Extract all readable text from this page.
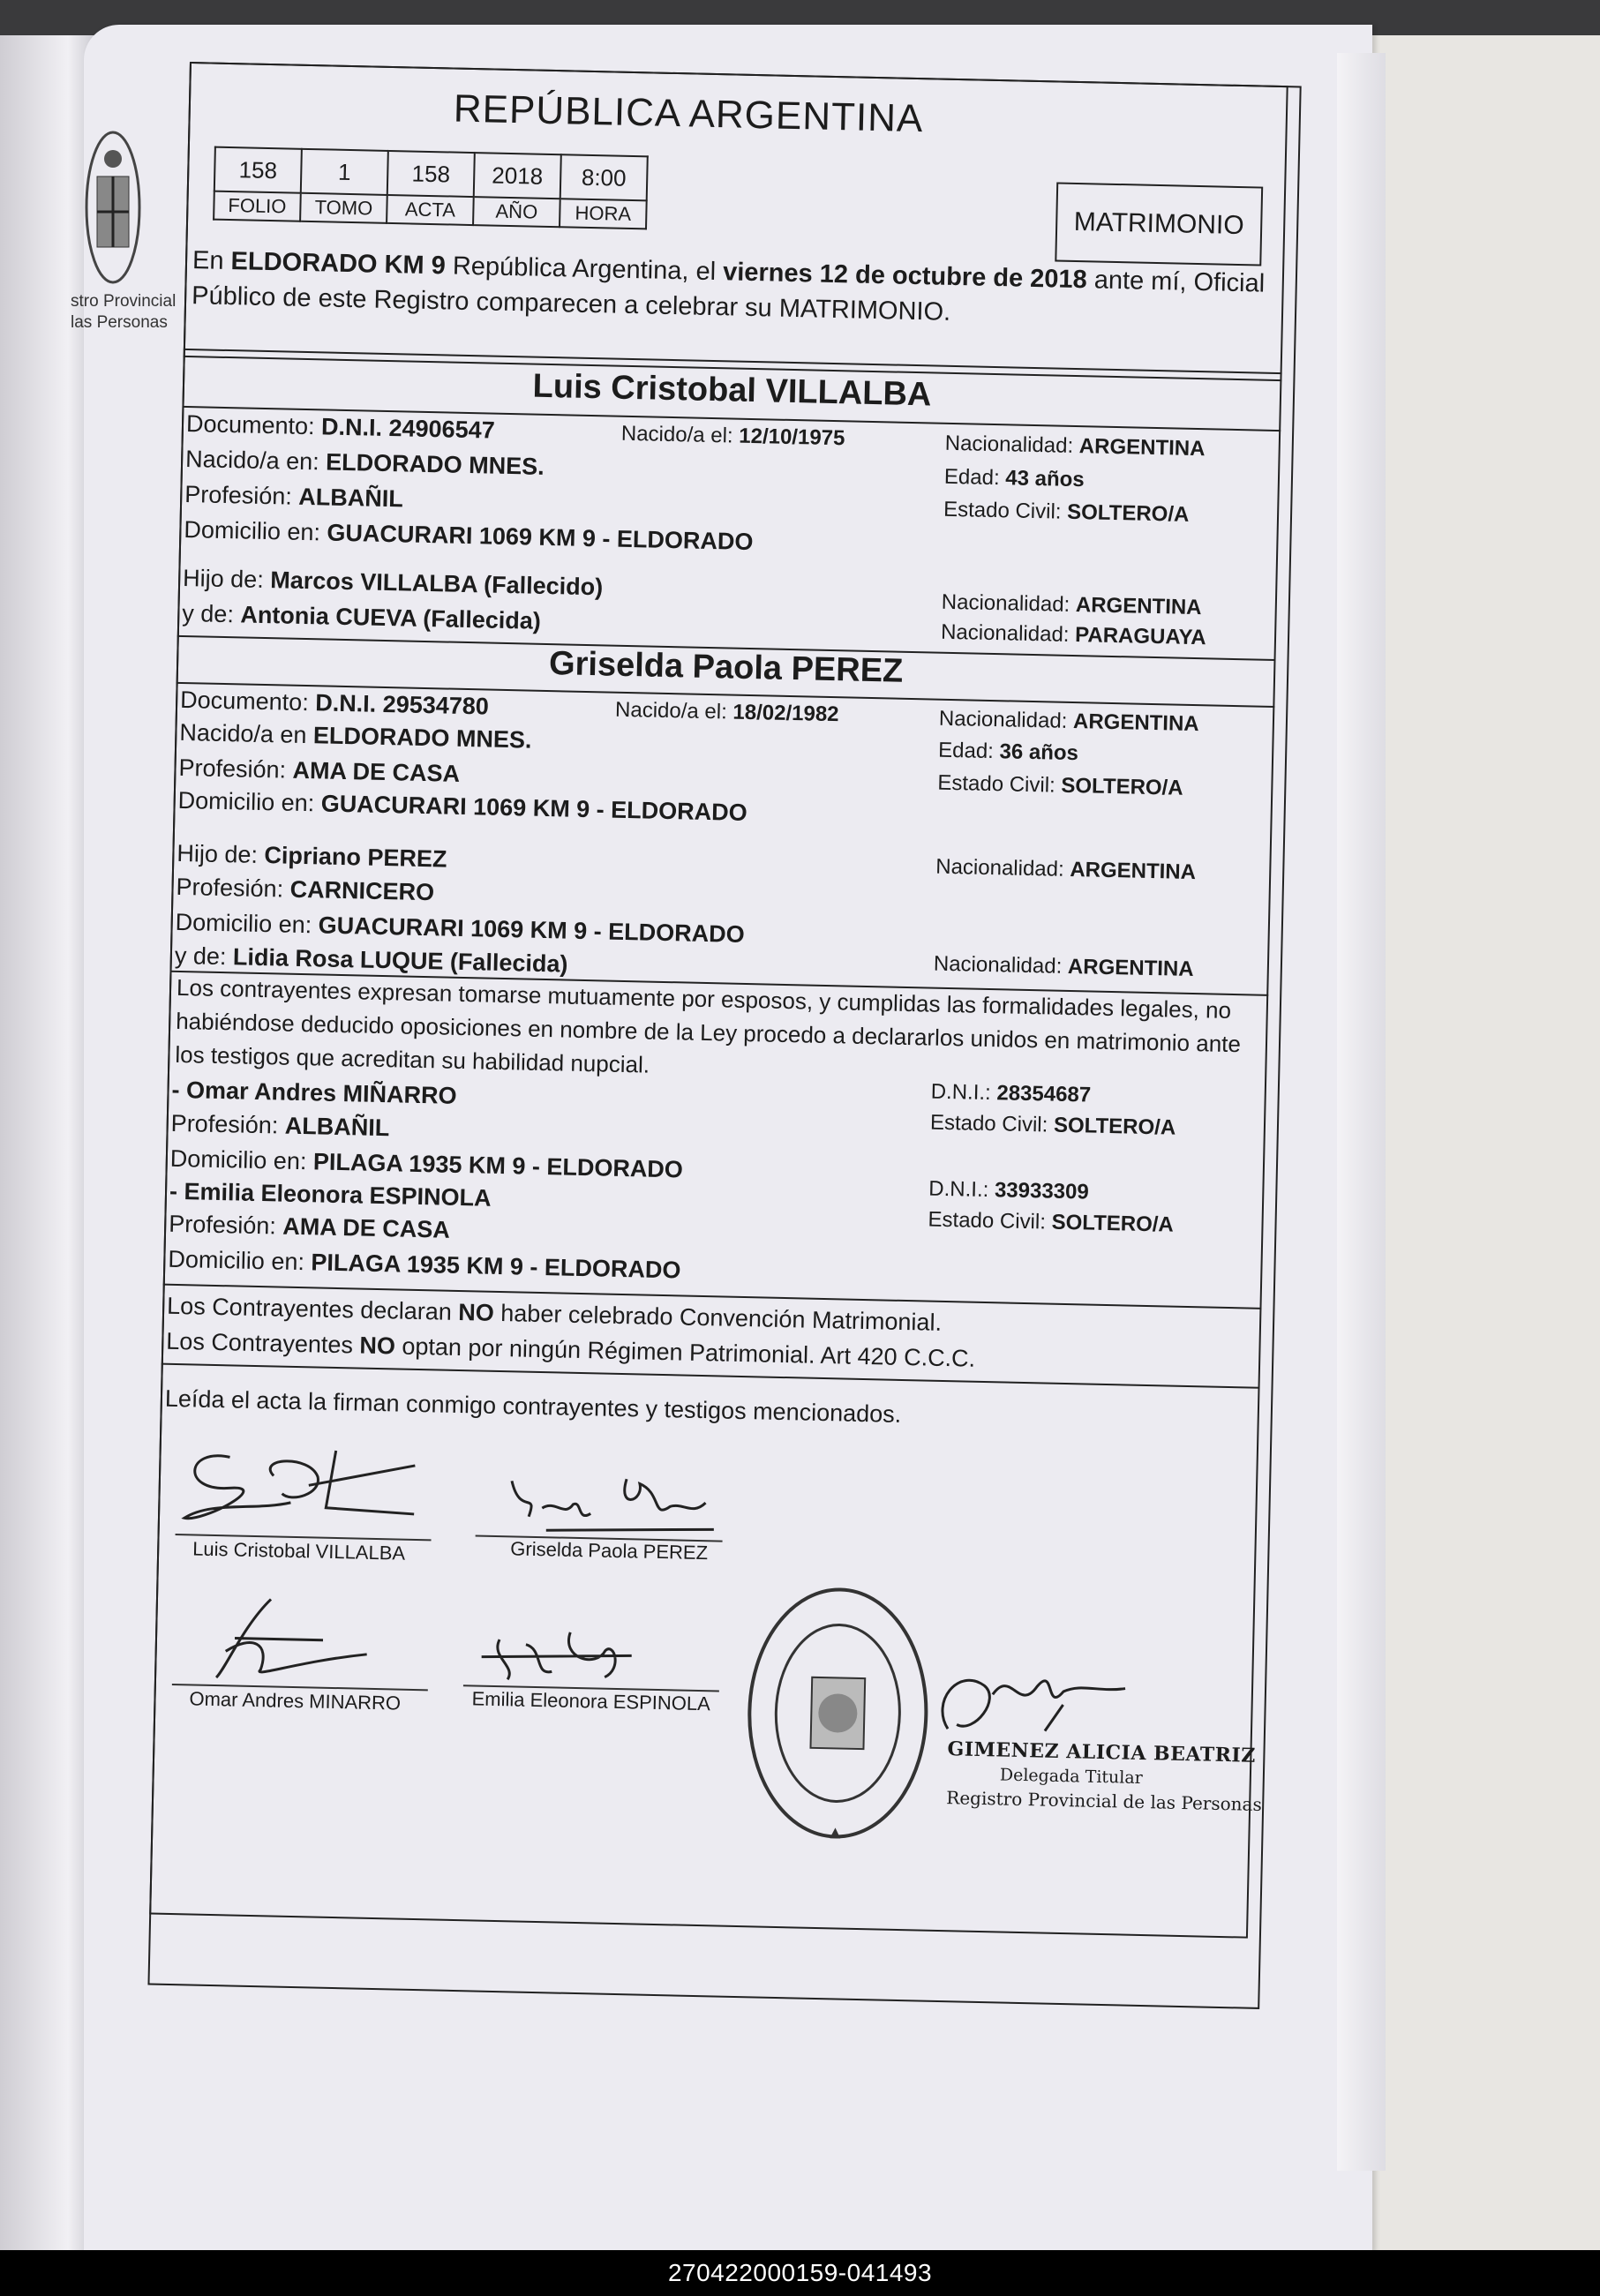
stro Provincial
las Personas
REPÚBLICA ARGENTINA
158	1	158	2018	8:00
FOLIO	TOMO	ACTA	AÑO	HORA	MATRIMONIO
En ELDORADO KM 9 República Argentina, el viernes 12 de octubre de 2018 ante mí, Oficial Público de este Registro comparecen a celebrar su MATRIMONIO.
Luis Cristobal VILLALBA
Documento: D.N.I. 24906547	Nacido/a el: 12/10/1975	Nacionalidad: ARGENTINA
Nacido/a en: ELDORADO MNES.	Edad: 43 años
Profesión: ALBAÑIL	Estado Civil: SOLTERO/A
Domicilio en: GUACURARI 1069 KM 9 - ELDORADO
Hijo de: Marcos VILLALBA (Fallecido)
Nacionalidad: ARGENTINA
y de: Antonia CUEVA (Fallecida)	Nacionalidad: PARAGUAYA
Griselda Paola PEREZ
Documento: D.N.I. 29534780	Nacido/a el: 18/02/1982	Nacionalidad: ARGENTINA
Nacido/a en ELDORADO MNES.	Edad: 36 años
Profesión: AMA DE CASA	Estado Civil: SOLTERO/A
Domicilio en: GUACURARI 1069 KM 9 - ELDORADO
Hijo de: Cipriano PEREZ	Nacionalidad: ARGENTINA
Profesión: CARNICERO
Domicilio en: GUACURARI 1069 KM 9 - ELDORADO
y de: Lidia Rosa LUQUE (Fallecida)	Nacionalidad: ARGENTINA
Los contrayentes expresan tomarse mutuamente por esposos, y cumplidas las formalidades legales, no habiéndose deducido oposiciones en nombre de la Ley procedo a declararlos unidos en matrimonio ante los testigos que acreditan su habilidad nupcial.
- Omar Andres MIÑARRO	D.N.I.: 28354687
Estado Civil: SOLTERO/A
Profesión: ALBAÑIL
Domicilio en: PILAGA 1935 KM 9 - ELDORADO
- Emilia Eleonora ESPINOLA	D.N.I.: 33933309
Estado Civil: SOLTERO/A
Profesión: AMA DE CASA
Domicilio en: PILAGA 1935 KM 9 - ELDORADO
Los Contrayentes declaran NO haber celebrado Convención Matrimonial.
Los Contrayentes NO optan por ningún Régimen Patrimonial. Art 420 C.C.C.
Leída el acta la firman conmigo contrayentes y testigos mencionados.
Luis Cristobal VILLALBA	Griselda Paola PEREZ
Omar Andres MINARRO	Emilia Eleonora ESPINOLA
GIMENEZ ALICIA BEATRIZ
Delegada Titular
Registro Provincial de las Personas
270422000159-041493
